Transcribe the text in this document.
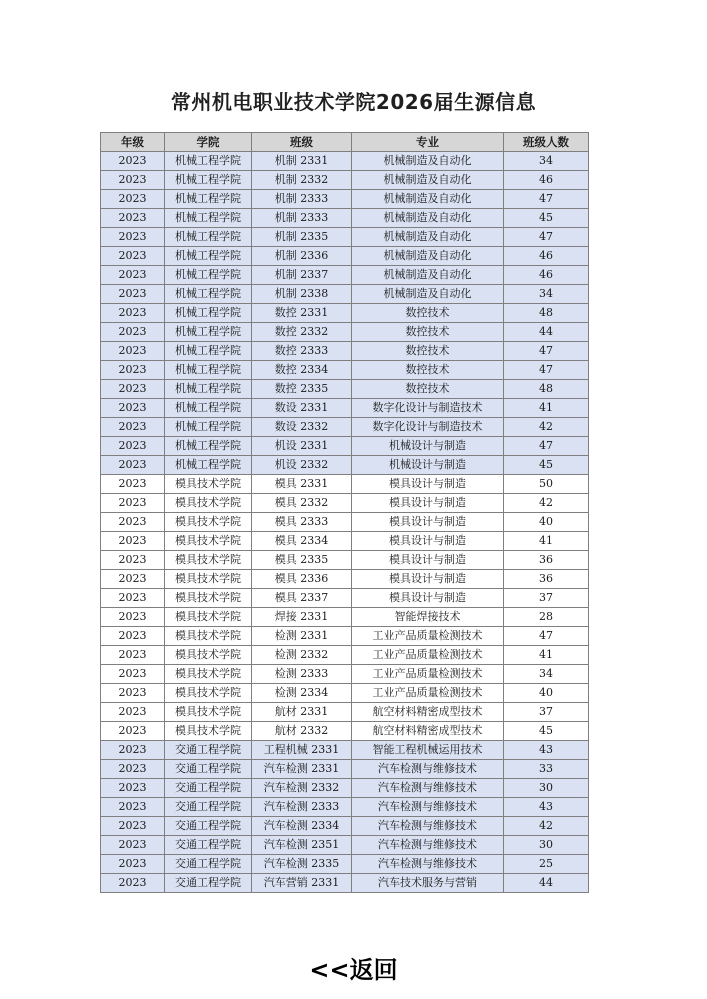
常州机电职业技术学院2026届生源信息
年级	学院	班级	专业	班级人数
2023	机械工程学院	机制 2331	机械制造及自动化	34
2023	机械工程学院	机制 2332	机械制造及自动化	46
2023	机械工程学院	机制 2333	机械制造及自动化	47
2023	机械工程学院	机制 2333	机械制造及自动化	45
2023	机械工程学院	机制 2335	机械制造及自动化	47
2023	机械工程学院	机制 2336	机械制造及自动化	46
2023	机械工程学院	机制 2337	机械制造及自动化	46
2023	机械工程学院	机制 2338	机械制造及自动化	34
2023	机械工程学院	数控 2331	数控技术	48
2023	机械工程学院	数控 2332	数控技术	44
2023	机械工程学院	数控 2333	数控技术	47
2023	机械工程学院	数控 2334	数控技术	47
2023	机械工程学院	数控 2335	数控技术	48
2023	机械工程学院	数设 2331	数字化设计与制造技术	41
2023	机械工程学院	数设 2332	数字化设计与制造技术	42
2023	机械工程学院	机设 2331	机械设计与制造	47
2023	机械工程学院	机设 2332	机械设计与制造	45
2023	模具技术学院	模具 2331	模具设计与制造	50
2023	模具技术学院	模具 2332	模具设计与制造	42
2023	模具技术学院	模具 2333	模具设计与制造	40
2023	模具技术学院	模具 2334	模具设计与制造	41
2023	模具技术学院	模具 2335	模具设计与制造	36
2023	模具技术学院	模具 2336	模具设计与制造	36
2023	模具技术学院	模具 2337	模具设计与制造	37
2023	模具技术学院	焊接 2331	智能焊接技术	28
2023	模具技术学院	检测 2331	工业产品质量检测技术	47
2023	模具技术学院	检测 2332	工业产品质量检测技术	41
2023	模具技术学院	检测 2333	工业产品质量检测技术	34
2023	模具技术学院	检测 2334	工业产品质量检测技术	40
2023	模具技术学院	航材 2331	航空材料精密成型技术	37
2023	模具技术学院	航材 2332	航空材料精密成型技术	45
2023	交通工程学院	工程机械 2331	智能工程机械运用技术	43
2023	交通工程学院	汽车检测 2331	汽车检测与维修技术	33
2023	交通工程学院	汽车检测 2332	汽车检测与维修技术	30
2023	交通工程学院	汽车检测 2333	汽车检测与维修技术	43
2023	交通工程学院	汽车检测 2334	汽车检测与维修技术	42
2023	交通工程学院	汽车检测 2351	汽车检测与维修技术	30
2023	交通工程学院	汽车检测 2335	汽车检测与维修技术	25
2023	交通工程学院	汽车营销 2331	汽车技术服务与营销	44
<<返回
